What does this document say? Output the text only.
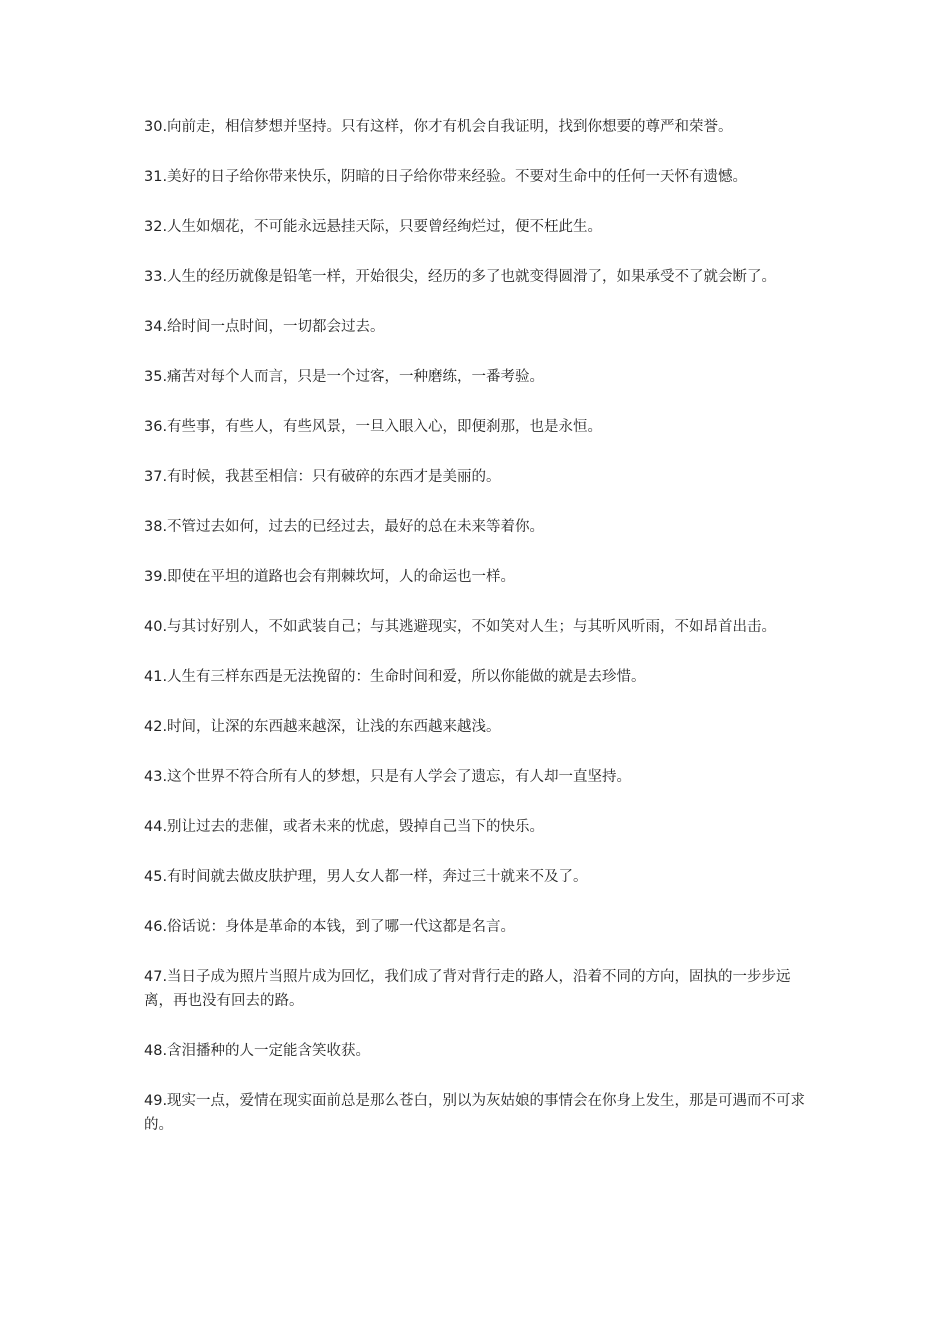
30.向前走，相信梦想并坚持。只有这样，你才有机会自我证明，找到你想要的尊严和荣誉。

31.美好的日子给你带来快乐，阴暗的日子给你带来经验。不要对生命中的任何一天怀有遗憾。

32.人生如烟花，不可能永远悬挂天际，只要曾经绚烂过，便不枉此生。

33.人生的经历就像是铅笔一样，开始很尖，经历的多了也就变得圆滑了，如果承受不了就会断了。

34.给时间一点时间，一切都会过去。

35.痛苦对每个人而言，只是一个过客，一种磨练，一番考验。

36.有些事，有些人，有些风景，一旦入眼入心，即便刹那，也是永恒。

37.有时候，我甚至相信：只有破碎的东西才是美丽的。

38.不管过去如何，过去的已经过去，最好的总在未来等着你。

39.即使在平坦的道路也会有荆棘坎坷，人的命运也一样。

40.与其讨好别人，不如武装自己；与其逃避现实，不如笑对人生；与其听风听雨，不如昂首出击。

41.人生有三样东西是无法挽留的：生命时间和爱，所以你能做的就是去珍惜。

42.时间，让深的东西越来越深，让浅的东西越来越浅。

43.这个世界不符合所有人的梦想，只是有人学会了遗忘，有人却一直坚持。

44.别让过去的悲催，或者未来的忧虑，毁掉自己当下的快乐。

45.有时间就去做皮肤护理，男人女人都一样，奔过三十就来不及了。

46.俗话说：身体是革命的本钱，到了哪一代这都是名言。

47.当日子成为照片当照片成为回忆，我们成了背对背行走的路人，沿着不同的方向，固执的一步步远离，再也没有回去的路。

48.含泪播种的人一定能含笑收获。

49.现实一点，爱情在现实面前总是那么苍白，别以为灰姑娘的事情会在你身上发生，那是可遇而不可求的。
